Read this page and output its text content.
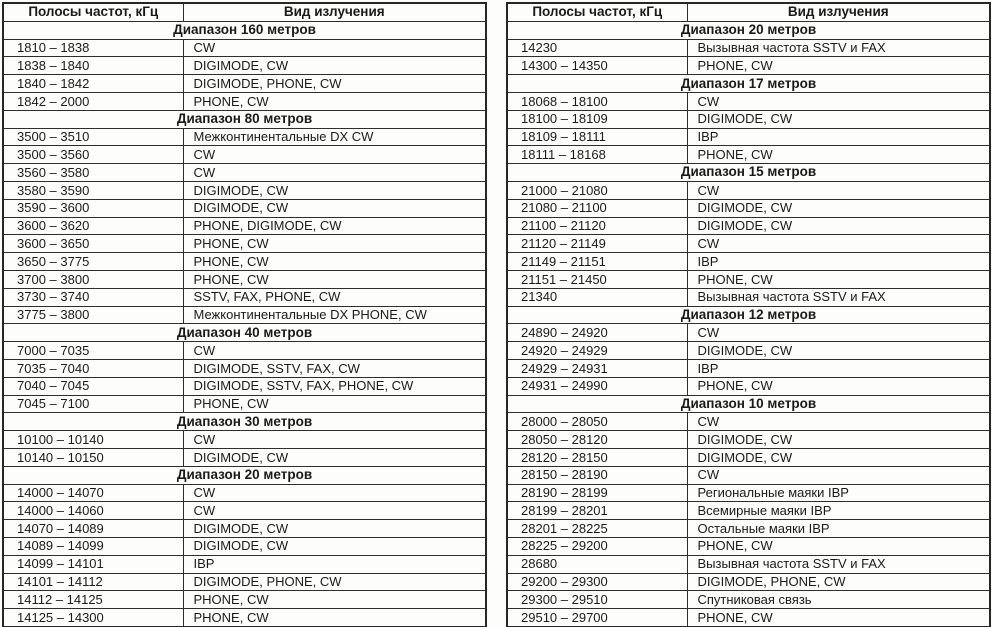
Полосы частот, кГц	Вид излучения
Диапазон 160 метров	
1810 – 1838	CW
1838 – 1840	DIGIMODE, CW
1840 – 1842	DIGIMODE, PHONE, CW
1842 – 2000	PHONE, CW
Диапазон 80 метров	
3500 – 3510	Межконтинентальные DX CW
3500 – 3560	CW
3560 – 3580	CW
3580 – 3590	DIGIMODE, CW
3590 – 3600	DIGIMODE, CW
3600 – 3620	PHONE, DIGIMODE, CW
3600 – 3650	PHONE, CW
3650 – 3775	PHONE, CW
3700 – 3800	PHONE, CW
3730 – 3740	SSTV, FAX, PHONE, CW
3775 – 3800	Межконтинентальные DX PHONE, CW
Диапазон 40 метров	
7000 – 7035	CW
7035 – 7040	DIGIMODE, SSTV, FAX, CW
7040 – 7045	DIGIMODE, SSTV, FAX, PHONE, CW
7045 – 7100	PHONE, CW
Диапазон 30 метров	
10100 – 10140	CW
10140 – 10150	DIGIMODE, CW
Диапазон 20 метров	
14000 – 14070	CW
14000 – 14060	CW
14070 – 14089	DIGIMODE, CW
14089 – 14099	DIGIMODE, CW
14099 – 14101	IBP
14101 – 14112	DIGIMODE, PHONE, CW
14112 – 14125	PHONE, CW
14125 – 14300	PHONE, CW
Полосы частот, кГц	Вид излучения
Диапазон 20 метров	
14230	Вызывная частота SSTV и FAX
14300 – 14350	PHONE, CW
Диапазон 17 метров	
18068 – 18100	CW
18100 – 18109	DIGIMODE, CW
18109 – 18111	IBP
18111 – 18168	PHONE, CW
Диапазон 15 метров	
21000 – 21080	CW
21080 – 21100	DIGIMODE, CW
21100 – 21120	DIGIMODE, CW
21120 – 21149	CW
21149 – 21151	IBP
21151 – 21450	PHONE, CW
21340	Вызывная частота SSTV и FAX
Диапазон 12 метров	
24890 – 24920	CW
24920 – 24929	DIGIMODE, CW
24929 – 24931	IBP
24931 – 24990	PHONE, CW
Диапазон 10 метров	
28000 – 28050	CW
28050 – 28120	DIGIMODE, CW
28120 – 28150	DIGIMODE, CW
28150 – 28190	CW
28190 – 28199	Региональные маяки IBP
28199 – 28201	Всемирные маяки IBP
28201 – 28225	Остальные маяки IBP
28225 – 29200	PHONE, CW
28680	Вызывная частота SSTV и FAX
29200 – 29300	DIGIMODE, PHONE, CW
29300 – 29510	Спутниковая связь
29510 – 29700	PHONE, CW
